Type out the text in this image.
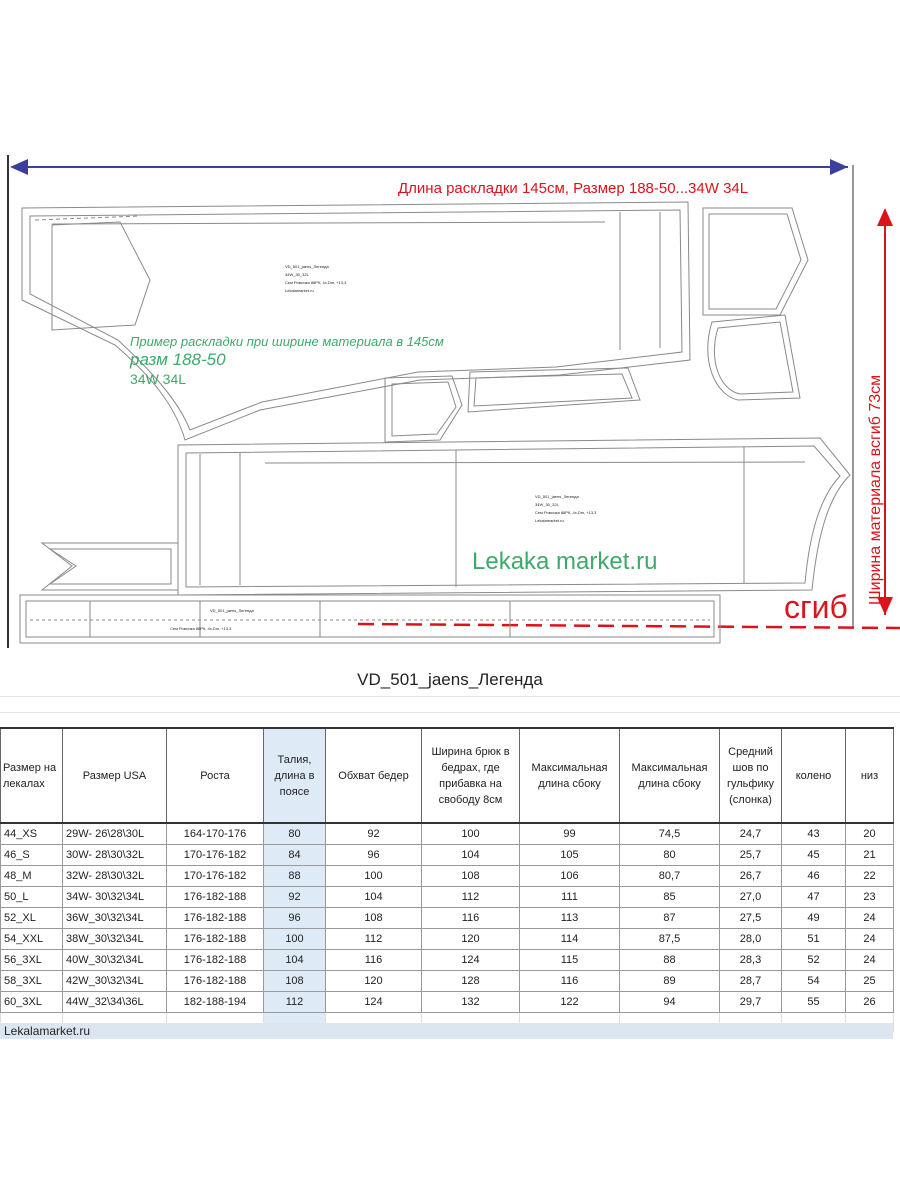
VD_501_jaens_Легенда
34W_30_32L
Сем Ромочка 88РК, 4x,Dm, +13,3
Lekalamarket.ru
VD_501_jaens_Легенда
34W_30_32L
Сем Ромочка 88РК, 4x,Dm, +13,3
Lekalamarket.ru
VD_501_jaens_Легенда
Сем Ромочка 88РК, 4x,Dm, +13,3
Длина раскладки 145см, Размер 188-50...34W 34L
Ширина материала всгиб 73см
Пример раскладки при ширине материала в 145см
разм 188-50
34W 34L
Lekaka market.ru
сгиб
VD_501_jaens_Легенда
Размер на лекалах	Размер USA	Роста	Талия, длина в поясе	Обхват бедер	Ширина брюк в бедрах, где прибавка на свободу 8см	Максимальная длина сбоку	Максимальная длина сбоку	Средний шов по гульфику (слонка)	колено	низ
44_XS	29W- 26\28\30L	164-170-176	80	92	100	99	74,5	24,7	43	20
46_S	30W- 28\30\32L	170-176-182	84	96	104	105	80	25,7	45	21
48_M	32W- 28\30\32L	170-176-182	88	100	108	106	80,7	26,7	46	22
50_L	34W- 30\32\34L	176-182-188	92	104	112	111	85	27,0	47	23
52_XL	36W_30\32\34L	176-182-188	96	108	116	113	87	27,5	49	24
54_XXL	38W_30\32\34L	176-182-188	100	112	120	114	87,5	28,0	51	24
56_3XL	40W_30\32\34L	176-182-188	104	116	124	115	88	28,3	52	24
58_3XL	42W_30\32\34L	176-182-188	108	120	128	116	89	28,7	54	25
60_3XL	44W_32\34\36L	182-188-194	112	124	132	122	94	29,7	55	26

Lekalamarket.ru
